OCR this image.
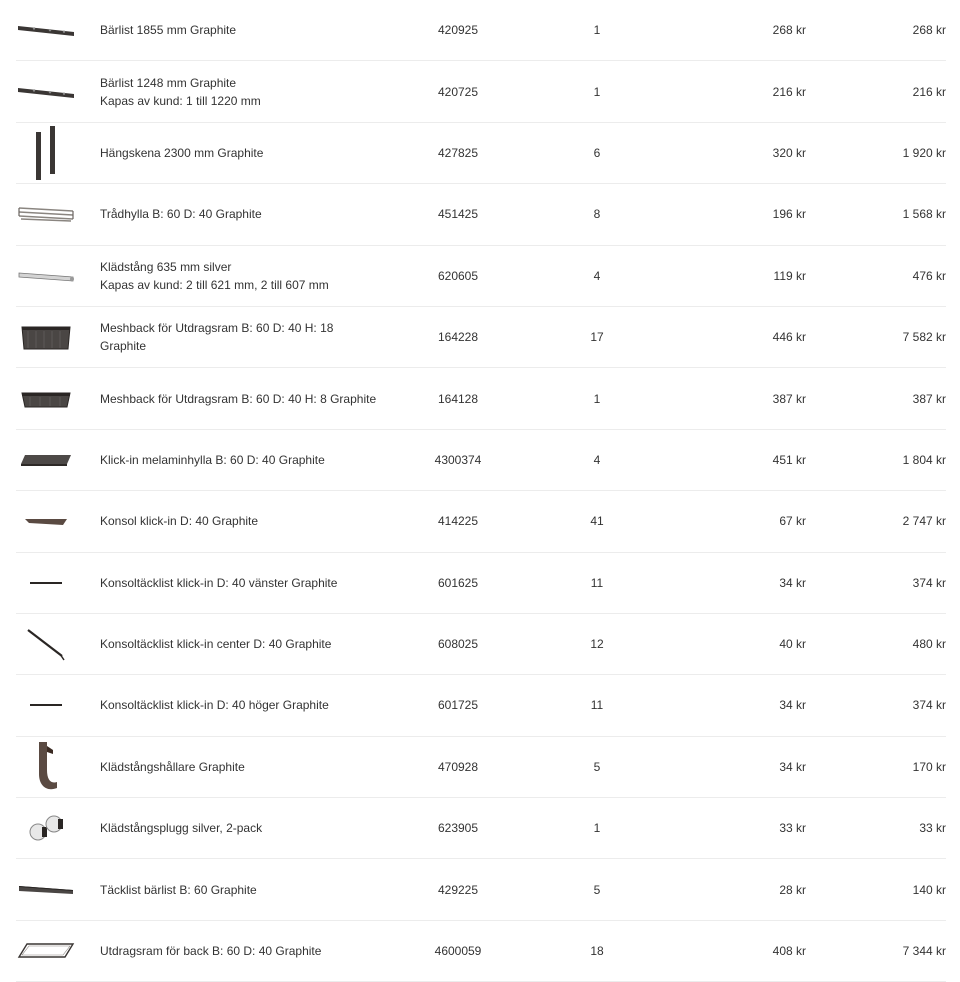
Bärlist 1855 mm Graphite	420925	1	268 kr	268 kr
Bärlist 1248 mm Graphite
Kapas av kund: 1 till 1220 mm
420725	1	216 kr	216 kr
Hängskena 2300 mm Graphite	427825	6	320 kr	1 920 kr
Trådhylla B: 60 D: 40 Graphite	451425	8	196 kr	1 568 kr
Klädstång 635 mm silver
Kapas av kund: 2 till 621 mm, 2 till 607 mm
620605	4	119 kr	476 kr
Meshback för Utdragsram B: 60 D: 40 H: 18
Graphite
164228	17	446 kr	7 582 kr
Meshback för Utdragsram B: 60 D: 40 H: 8 Graphite	164128	1	387 kr	387 kr
Klick-in melaminhylla B: 60 D: 40 Graphite	4300374	4	451 kr	1 804 kr
Konsol klick-in D: 40 Graphite	414225	41	67 kr	2 747 kr
Konsoltäcklist klick-in D: 40 vänster Graphite	601625	11	34 kr	374 kr
Konsoltäcklist klick-in center D: 40 Graphite	608025	12	40 kr	480 kr
Konsoltäcklist klick-in D: 40 höger Graphite	601725	11	34 kr	374 kr
Klädstångshållare Graphite	470928	5	34 kr	170 kr
Klädstångsplugg silver, 2-pack	623905	1	33 kr	33 kr
Täcklist bärlist B: 60 Graphite	429225	5	28 kr	140 kr
Utdragsram för back B: 60 D: 40 Graphite	4600059	18	408 kr	7 344 kr
